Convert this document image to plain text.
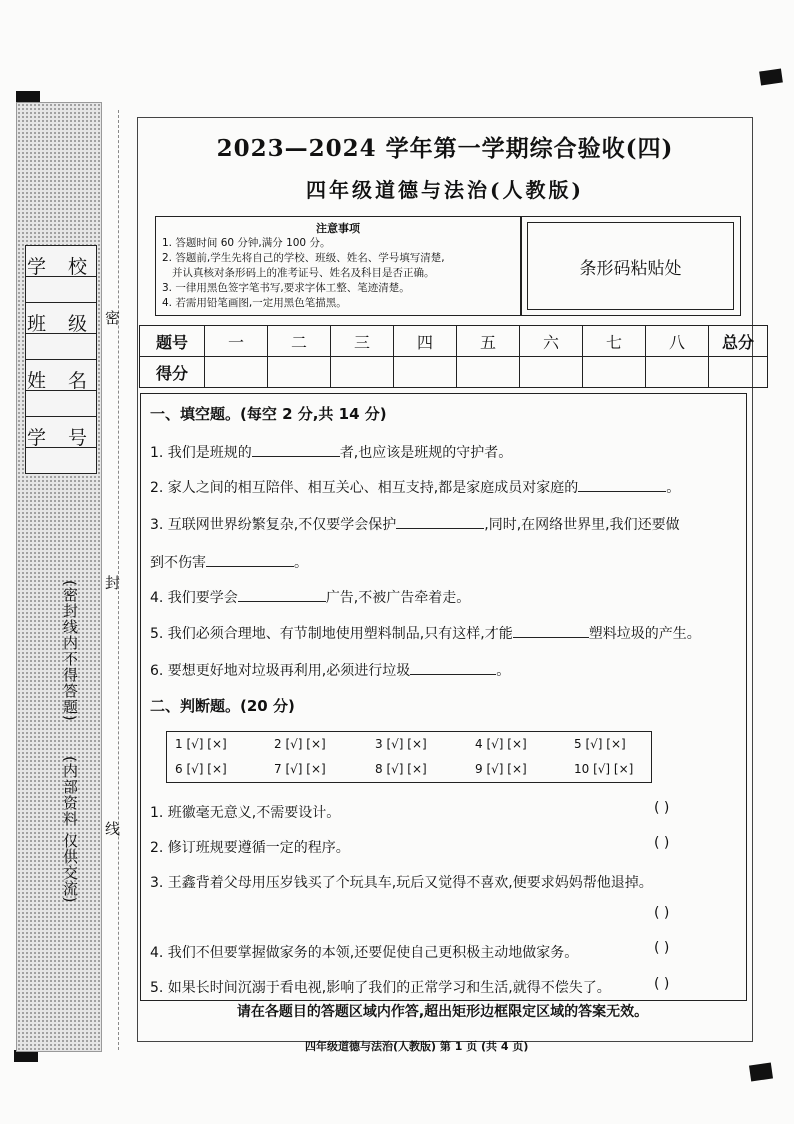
学 校
班 级
姓 名
学 号
(密封线内不得答题)
(内部资料 仅供交流)
密
封
线
2023—2024 学年第一学期综合验收(四)
四年级道德与法治(人教版)
注意事项
1. 答题时间 60 分钟,满分 100 分。
2. 答题前,学生先将自己的学校、班级、姓名、学号填写清楚,
并认真核对条形码上的准考证号、姓名及科目是否正确。
3. 一律用黑色签字笔书写,要求字体工整、笔迹清楚。
4. 若需用铅笔画图,一定用黑色笔描黑。
条形码粘贴处
题号	一	二	三	四	五	六	七	八	总分
得分									
一、填空题。(每空 2 分,共 14 分)
1. 我们是班规的	者,也应该是班规的守护者。
2. 家人之间的相互陪伴、相互关心、相互支持,都是家庭成员对家庭的	。
3. 互联网世界纷繁复杂,不仅要学会保护	,同时,在网络世界里,我们还要做
到不伤害	。
4. 我们要学会	广告,不被广告牵着走。
5. 我们必须合理地、有节制地使用塑料制品,只有这样,才能	塑料垃圾的产生。
6. 要想更好地对垃圾再利用,必须进行垃圾	。
二、判断题。(20 分)
1 [√] [×]	2 [√] [×]	3 [√] [×]	4 [√] [×]	5 [√] [×]
6 [√] [×]	7 [√] [×]	8 [√] [×]	9 [√] [×]	10 [√] [×]
1. 班徽毫无意义,不需要设计。	( )
2. 修订班规要遵循一定的程序。	( )
3. 王鑫背着父母用压岁钱买了个玩具车,玩后又觉得不喜欢,便要求妈妈帮他退掉。
( )
4. 我们不但要掌握做家务的本领,还要促使自己更积极主动地做家务。	( )
5. 如果长时间沉溺于看电视,影响了我们的正常学习和生活,就得不偿失了。	( )
请在各题目的答题区域内作答,超出矩形边框限定区域的答案无效。
四年级道德与法治(人教版) 第 1 页 (共 4 页)
